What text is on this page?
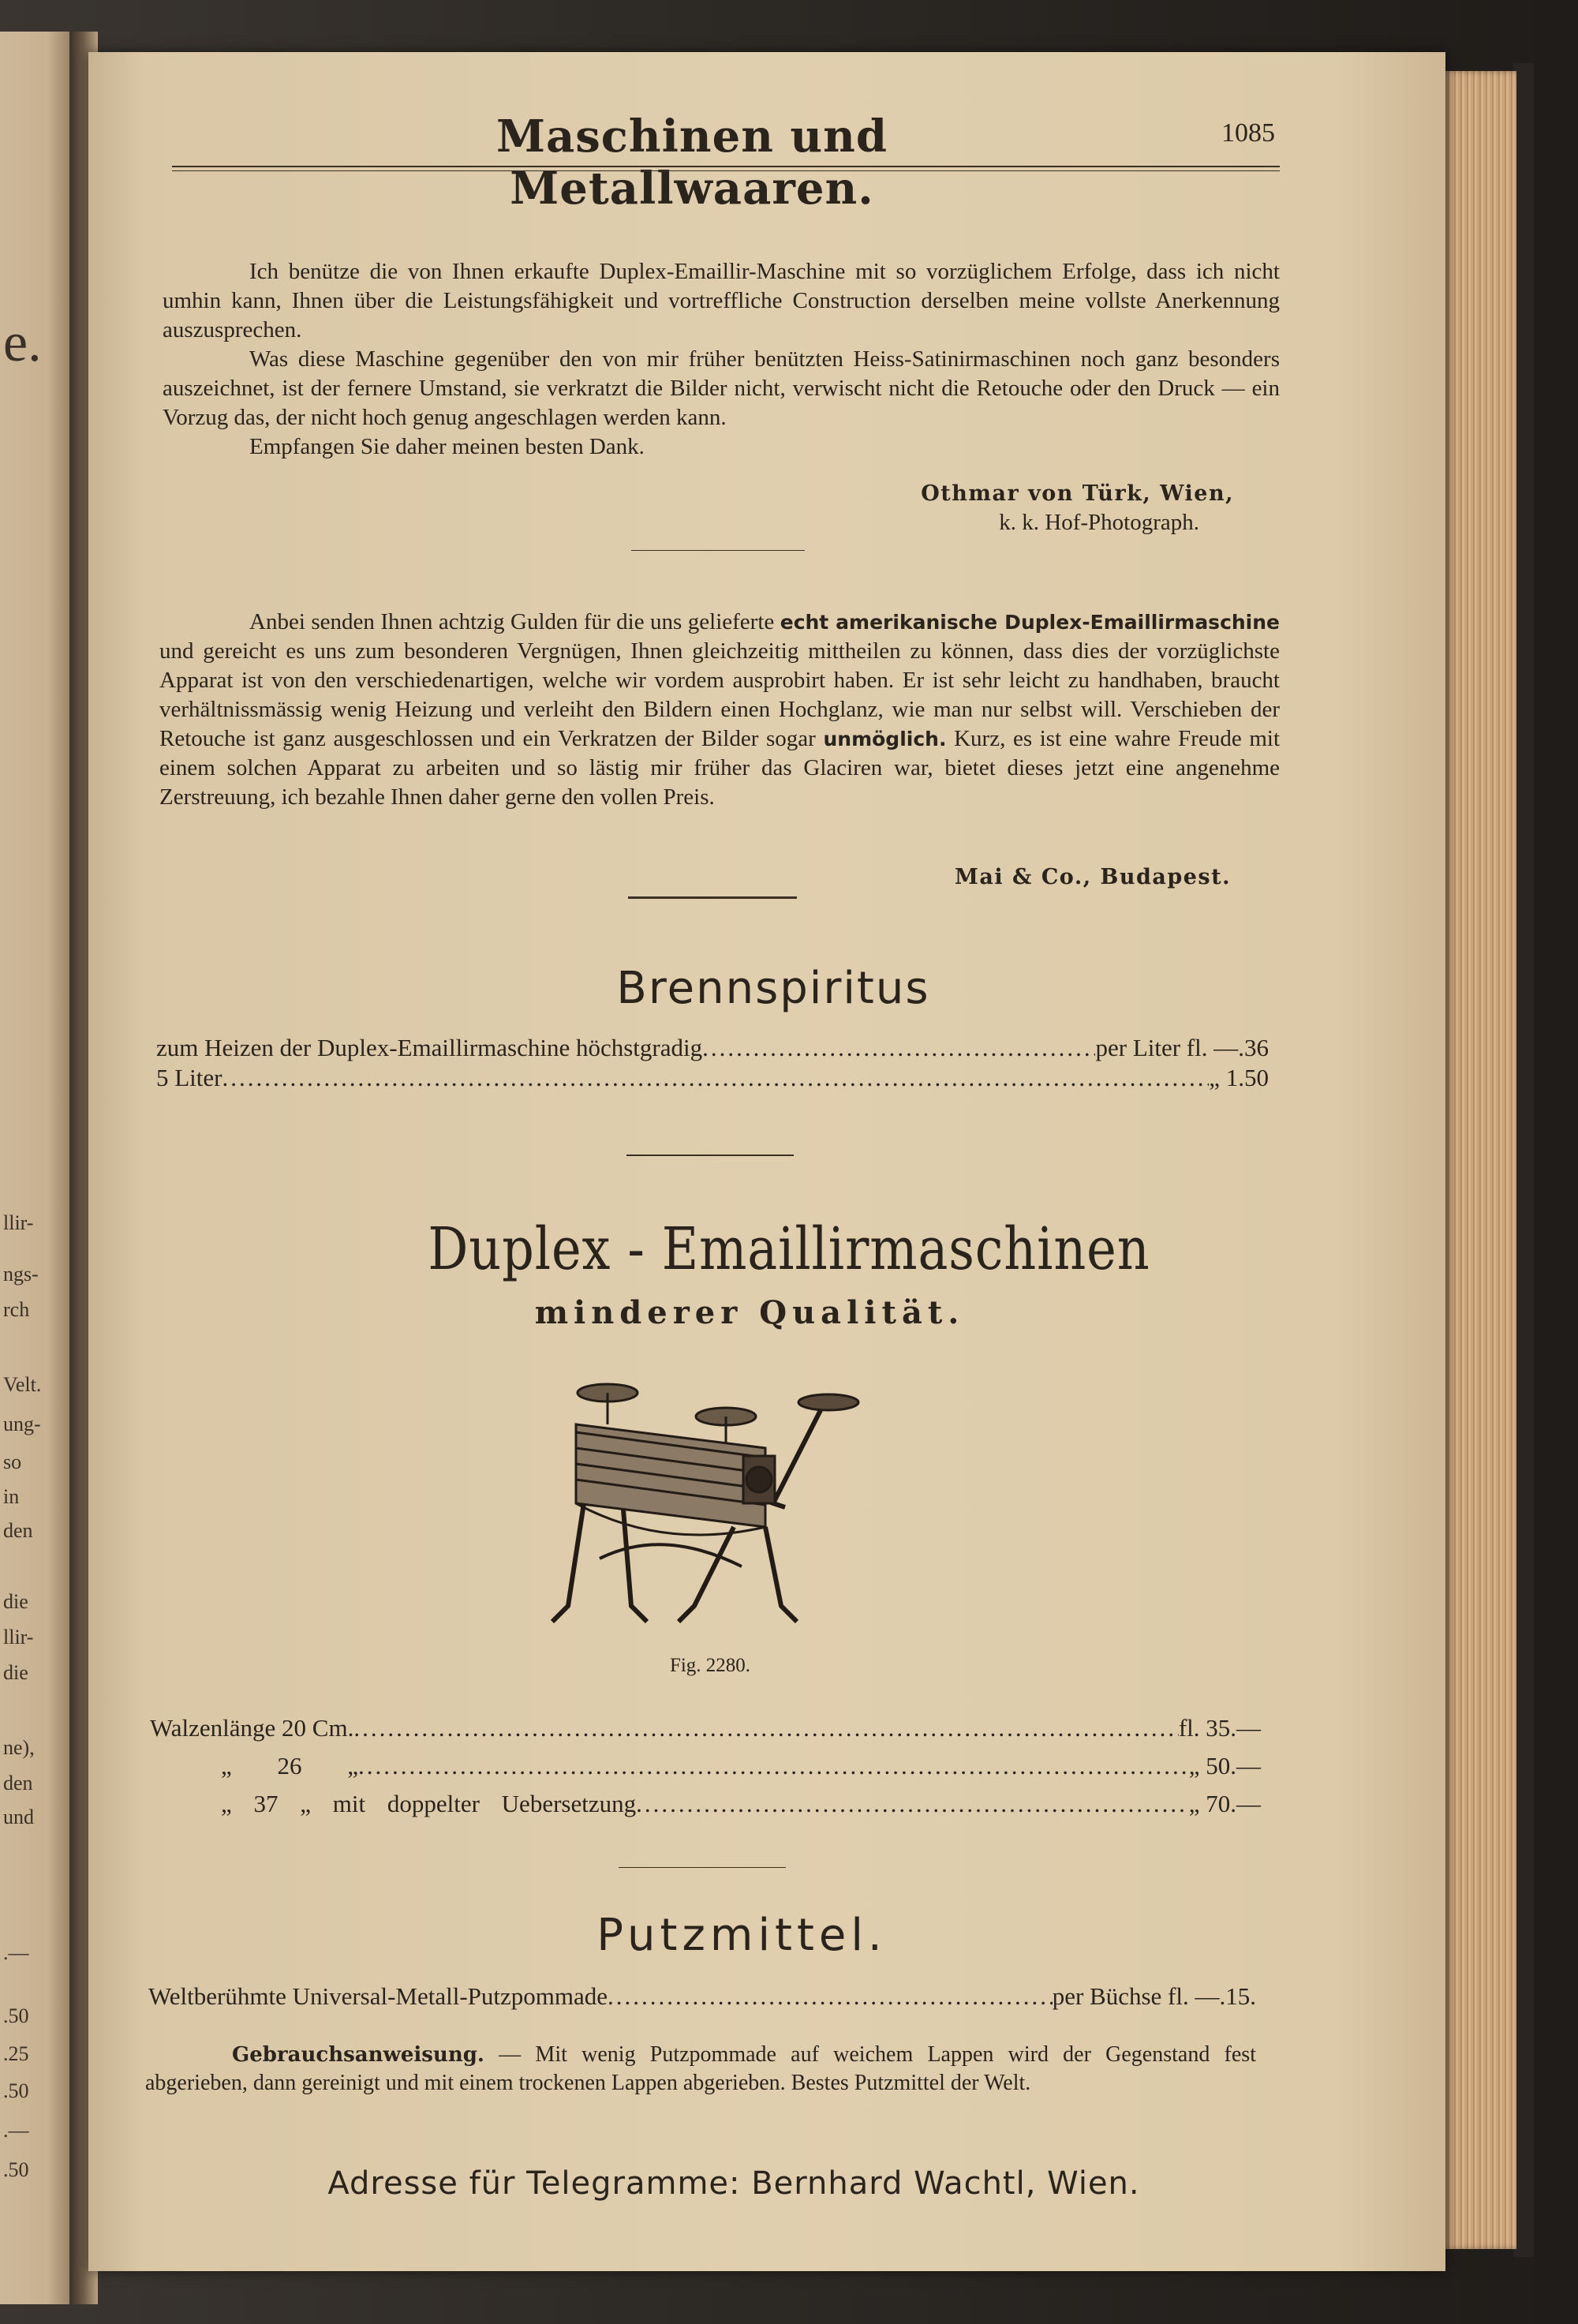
e.
llir-
ngs-
rch
Velt.
ung-
so
in
den
die
llir-
die
ne),
den
und
.—
.50
.25
.50
.—
.50
Maschinen und Metallwaaren.
1085

Ich benütze die von Ihnen erkaufte Duplex-Emaillir-Maschine mit so vorzüglichem Erfolge, dass ich nicht umhin kann, Ihnen über die Leistungsfähigkeit und vortreffliche Construction derselben meine vollste Anerkennung auszusprechen.

Was diese Maschine gegenüber den von mir früher benützten Heiss-Satinirmaschinen noch ganz besonders auszeichnet, ist der fernere Umstand, sie verkratzt die Bilder nicht, verwischt nicht die Retouche oder den Druck — ein Vorzug das, der nicht hoch genug angeschlagen werden kann.

Empfangen Sie daher meinen besten Dank.

Othmar von Türk, Wien,
k. k. Hof-Photograph.

Anbei senden Ihnen achtzig Gulden für die uns gelieferte echt amerikanische Duplex-Emaillirmaschine und gereicht es uns zum besonderen Vergnügen, Ihnen gleichzeitig mittheilen zu können, dass dies der vorzüglichste Apparat ist von den verschiedenartigen, welche wir vordem ausprobirt haben. Er ist sehr leicht zu handhaben, braucht verhältnissmässig wenig Heizung und verleiht den Bildern einen Hochglanz, wie man nur selbst will. Verschieben der Retouche ist ganz ausgeschlossen und ein Verkratzen der Bilder sogar unmöglich. Kurz, es ist eine wahre Freude mit einem solchen Apparat zu arbeiten und so lästig mir früher das Glaciren war, bietet dieses jetzt eine angenehme Zerstreuung, ich bezahle Ihnen daher gerne den vollen Preis.

Mai & Co., Budapest.
Brennspiritus
zum Heizen der Duplex-Emaillirmaschine höchstgradig .....	per Liter fl. —.36
5 Liter .....	„ 1.50
Duplex - Emaillirmaschinen
minderer Qualität.
Fig. 2280.
Walzenlänge 20 Cm. .....	fl. 35.—
„ 26 „ .....	„ 50.—
„ 37 „ mit doppelter Uebersetzung .....	„ 70.—
Putzmittel.
Weltberühmte Universal-Metall-Putzpommade .....	per Büchse fl. —.15.

Gebrauchsanweisung. — Mit wenig Putzpommade auf weichem Lappen wird der Gegenstand fest abgerieben, dann gereinigt und mit einem trockenen Lappen abgerieben. Bestes Putzmittel der Welt.

Adresse für Telegramme: Bernhard Wachtl, Wien.
